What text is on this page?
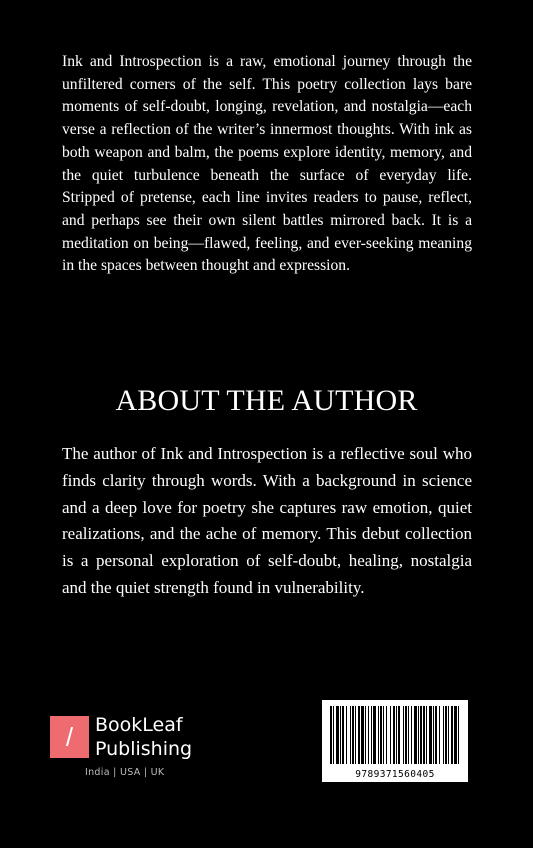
Ink and Introspection is a raw, emotional journey through the unfiltered corners of the self. This poetry collection lays bare moments of self-doubt, longing, revelation, and nostalgia—each verse a reflection of the writer’s innermost thoughts. With ink as both weapon and balm, the poems explore identity, memory, and the quiet turbulence beneath the surface of everyday life. Stripped of pretense, each line invites readers to pause, reflect, and perhaps see their own silent battles mirrored back. It is a meditation on being—flawed, feeling, and ever-seeking meaning in the spaces between thought and expression.

ABOUT THE AUTHOR

The author of Ink and Introspection is a reflective soul who finds clarity through words. With a background in science and a deep love for poetry she captures raw emotion, quiet realizations, and the ache of memory. This debut collection is a personal exploration of self-doubt, healing, nostalgia and the quiet strength found in vulnerability.

/	BookLeaf
Publishing
India | USA | UK	9789371560405
